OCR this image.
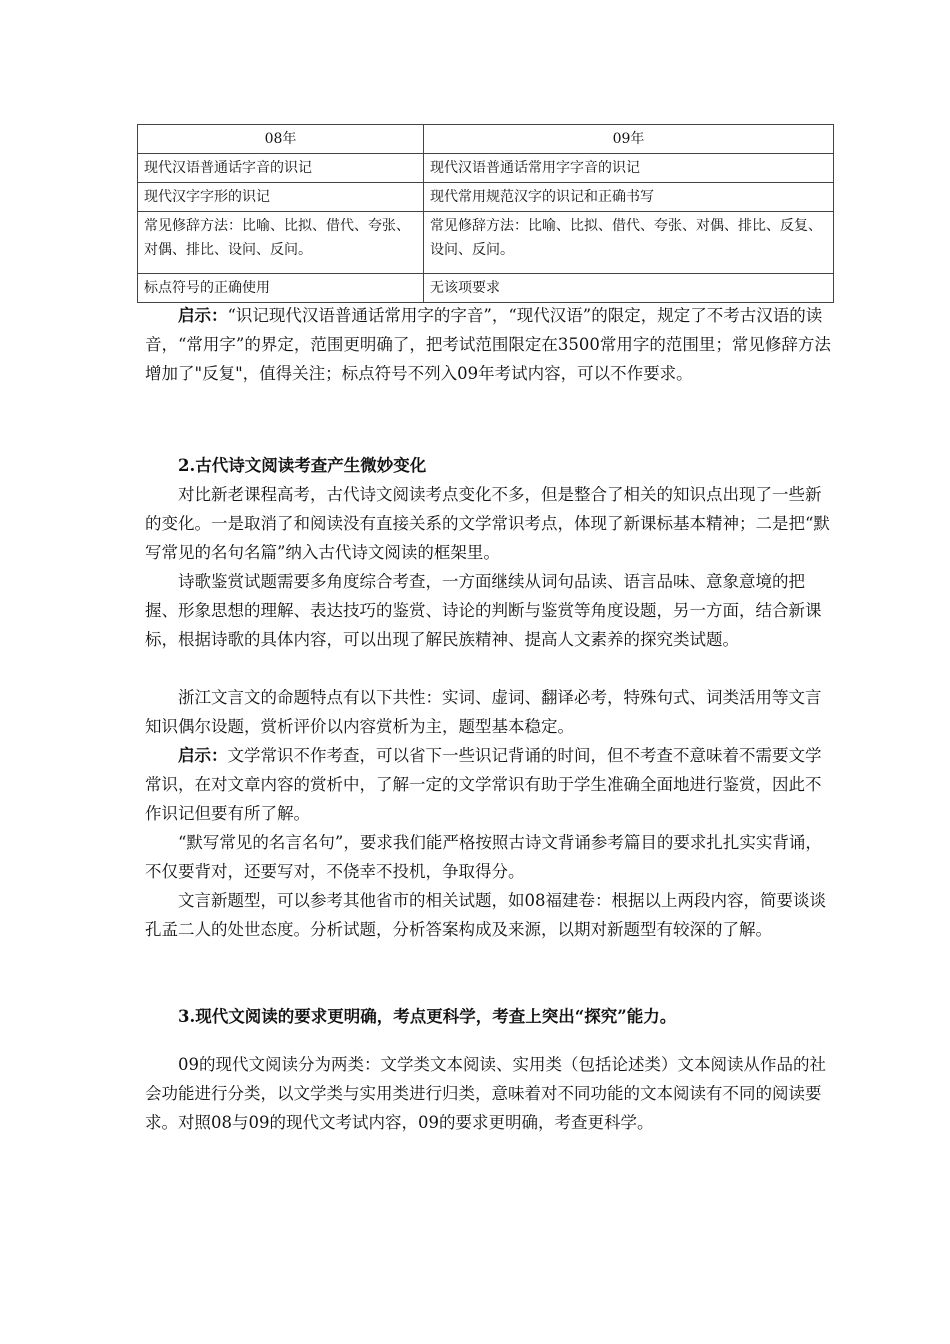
08年	09年
现代汉语普通话字音的识记	现代汉语普通话常用字字音的识记
现代汉字字形的识记	现代常用规范汉字的识记和正确书写
常见修辞方法：比喻、比拟、借代、夸张、对偶、排比、设问、反问。	常见修辞方法：比喻、比拟、借代、夸张、对偶、排比、反复、设问、反问。
标点符号的正确使用	无该项要求

启示：“识记现代汉语普通话常用字的字音”，“现代汉语”的限定，规定了不考古汉语的读音，“常用字”的界定，范围更明确了，把考试范围限定在3500常用字的范围里；常见修辞方法增加了"反复"，值得关注；标点符号不列入09年考试内容，可以不作要求。

2.古代诗文阅读考查产生微妙变化

对比新老课程高考，古代诗文阅读考点变化不多，但是整合了相关的知识点出现了一些新的变化。一是取消了和阅读没有直接关系的文学常识考点，体现了新课标基本精神；二是把“默写常见的名句名篇”纳入古代诗文阅读的框架里。

诗歌鉴赏试题需要多角度综合考查，一方面继续从词句品读、语言品味、意象意境的把握、形象思想的理解、表达技巧的鉴赏、诗论的判断与鉴赏等角度设题，另一方面，结合新课标，根据诗歌的具体内容，可以出现了解民族精神、提高人文素养的探究类试题。

浙江文言文的命题特点有以下共性：实词、虚词、翻译必考，特殊句式、词类活用等文言知识偶尔设题，赏析评价以内容赏析为主，题型基本稳定。

启示：文学常识不作考查，可以省下一些识记背诵的时间，但不考查不意味着不需要文学常识，在对文章内容的赏析中，了解一定的文学常识有助于学生准确全面地进行鉴赏，因此不作识记但要有所了解。

“默写常见的名言名句”，要求我们能严格按照古诗文背诵参考篇目的要求扎扎实实背诵，不仅要背对，还要写对，不侥幸不投机，争取得分。

文言新题型，可以参考其他省市的相关试题，如08福建卷：根据以上两段内容，简要谈谈孔孟二人的处世态度。分析试题，分析答案构成及来源，以期对新题型有较深的了解。

3.现代文阅读的要求更明确，考点更科学，考查上突出“探究”能力。

09的现代文阅读分为两类：文学类文本阅读、实用类（包括论述类）文本阅读从作品的社会功能进行分类，以文学类与实用类进行归类，意味着对不同功能的文本阅读有不同的阅读要求。对照08与09的现代文考试内容，09的要求更明确，考查更科学。
